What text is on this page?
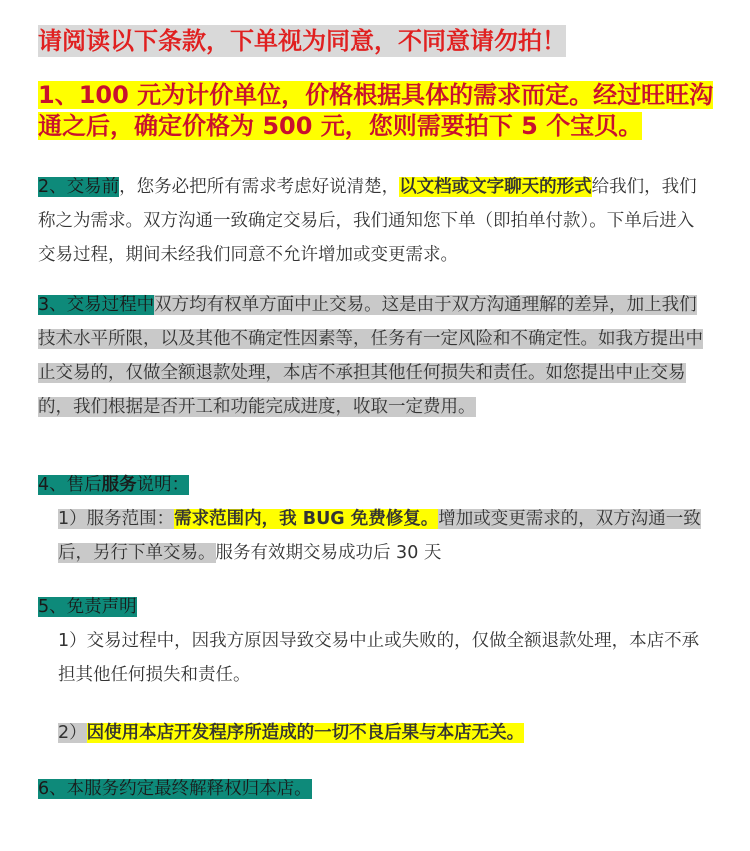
请阅读以下条款，下单视为同意，不同意请勿拍！
1、100 元为计价单位，价格根据具体的需求而定。经过旺旺沟通之后，确定价格为 500 元，您则需要拍下 5 个宝贝。
2、交易前，您务必把所有需求考虑好说清楚，以文档或文字聊天的形式给我们，我们称之为需求。双方沟通一致确定交易后，我们通知您下单（即拍单付款）。下单后进入交易过程，期间未经我们同意不允许增加或变更需求。
3、交易过程中双方均有权单方面中止交易。这是由于双方沟通理解的差异，加上我们技术水平所限，以及其他不确定性因素等，任务有一定风险和不确定性。如我方提出中止交易的，仅做全额退款处理，本店不承担其他任何损失和责任。如您提出中止交易的，我们根据是否开工和功能完成进度，收取一定费用。
4、售后服务说明：
1）服务范围：需求范围内，我 BUG 免费修复。增加或变更需求的，双方沟通一致后，另行下单交易。服务有效期交易成功后 30 天
5、免责声明
1）交易过程中，因我方原因导致交易中止或失败的，仅做全额退款处理，本店不承担其他任何损失和责任。
2）因使用本店开发程序所造成的一切不良后果与本店无关。
6、本服务约定最终解释权归本店。
